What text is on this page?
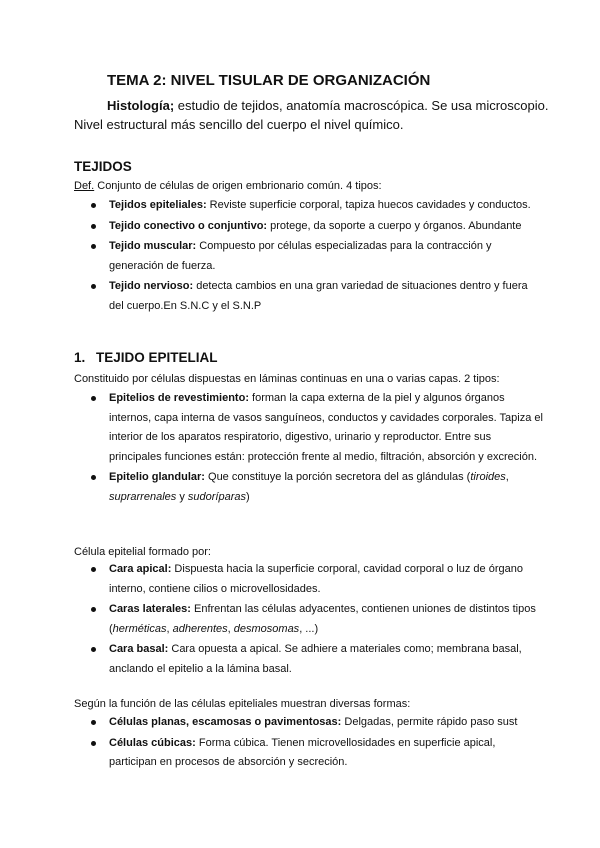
TEMA 2: NIVEL TISULAR DE ORGANIZACIÓN
Histología; estudio de tejidos, anatomía macroscópica. Se usa microscopio.
Nivel estructural más sencillo del cuerpo el nivel químico.
TEJIDOS
Def. Conjunto de células de origen embrionario común. 4 tipos:
Tejidos epiteliales: Reviste superficie corporal, tapiza huecos cavidades y conductos.
Tejido conectivo o conjuntivo: protege, da soporte a cuerpo y órganos. Abundante
Tejido muscular: Compuesto por células especializadas para la contracción y generación de fuerza.
Tejido nervioso: detecta cambios en una gran variedad de situaciones dentro y fuera del cuerpo.En S.N.C y el S.N.P
1. TEJIDO EPITELIAL
Constituido por células dispuestas en láminas continuas en una o varias capas. 2 tipos:
Epitelios de revestimiento: forman la capa externa de la piel y algunos órganos internos, capa interna de vasos sanguíneos, conductos y cavidades corporales. Tapiza el interior de los aparatos respiratorio, digestivo, urinario y reproductor. Entre sus principales funciones están: protección frente al medio, filtración, absorción y excreción.
Epitelio glandular: Que constituye la porción secretora del as glándulas (tiroides, suprarrenales y sudoríparas)
Célula epitelial formado por:
Cara apical: Dispuesta hacia la superficie corporal, cavidad corporal o luz de órgano interno, contiene cilios o microvellosidades.
Caras laterales: Enfrentan las células adyacentes, contienen uniones de distintos tipos (herméticas, adherentes, desmosomas, ...)
Cara basal: Cara opuesta a apical. Se adhiere a materiales como; membrana basal, anclando el epitelio a la lámina basal.
Según la función de las células epiteliales muestran diversas formas:
Células planas, escamosas o pavimentosas: Delgadas, permite rápido paso sust
Células cúbicas: Forma cúbica. Tienen microvellosidades en superficie apical, participan en procesos de absorción y secreción.
